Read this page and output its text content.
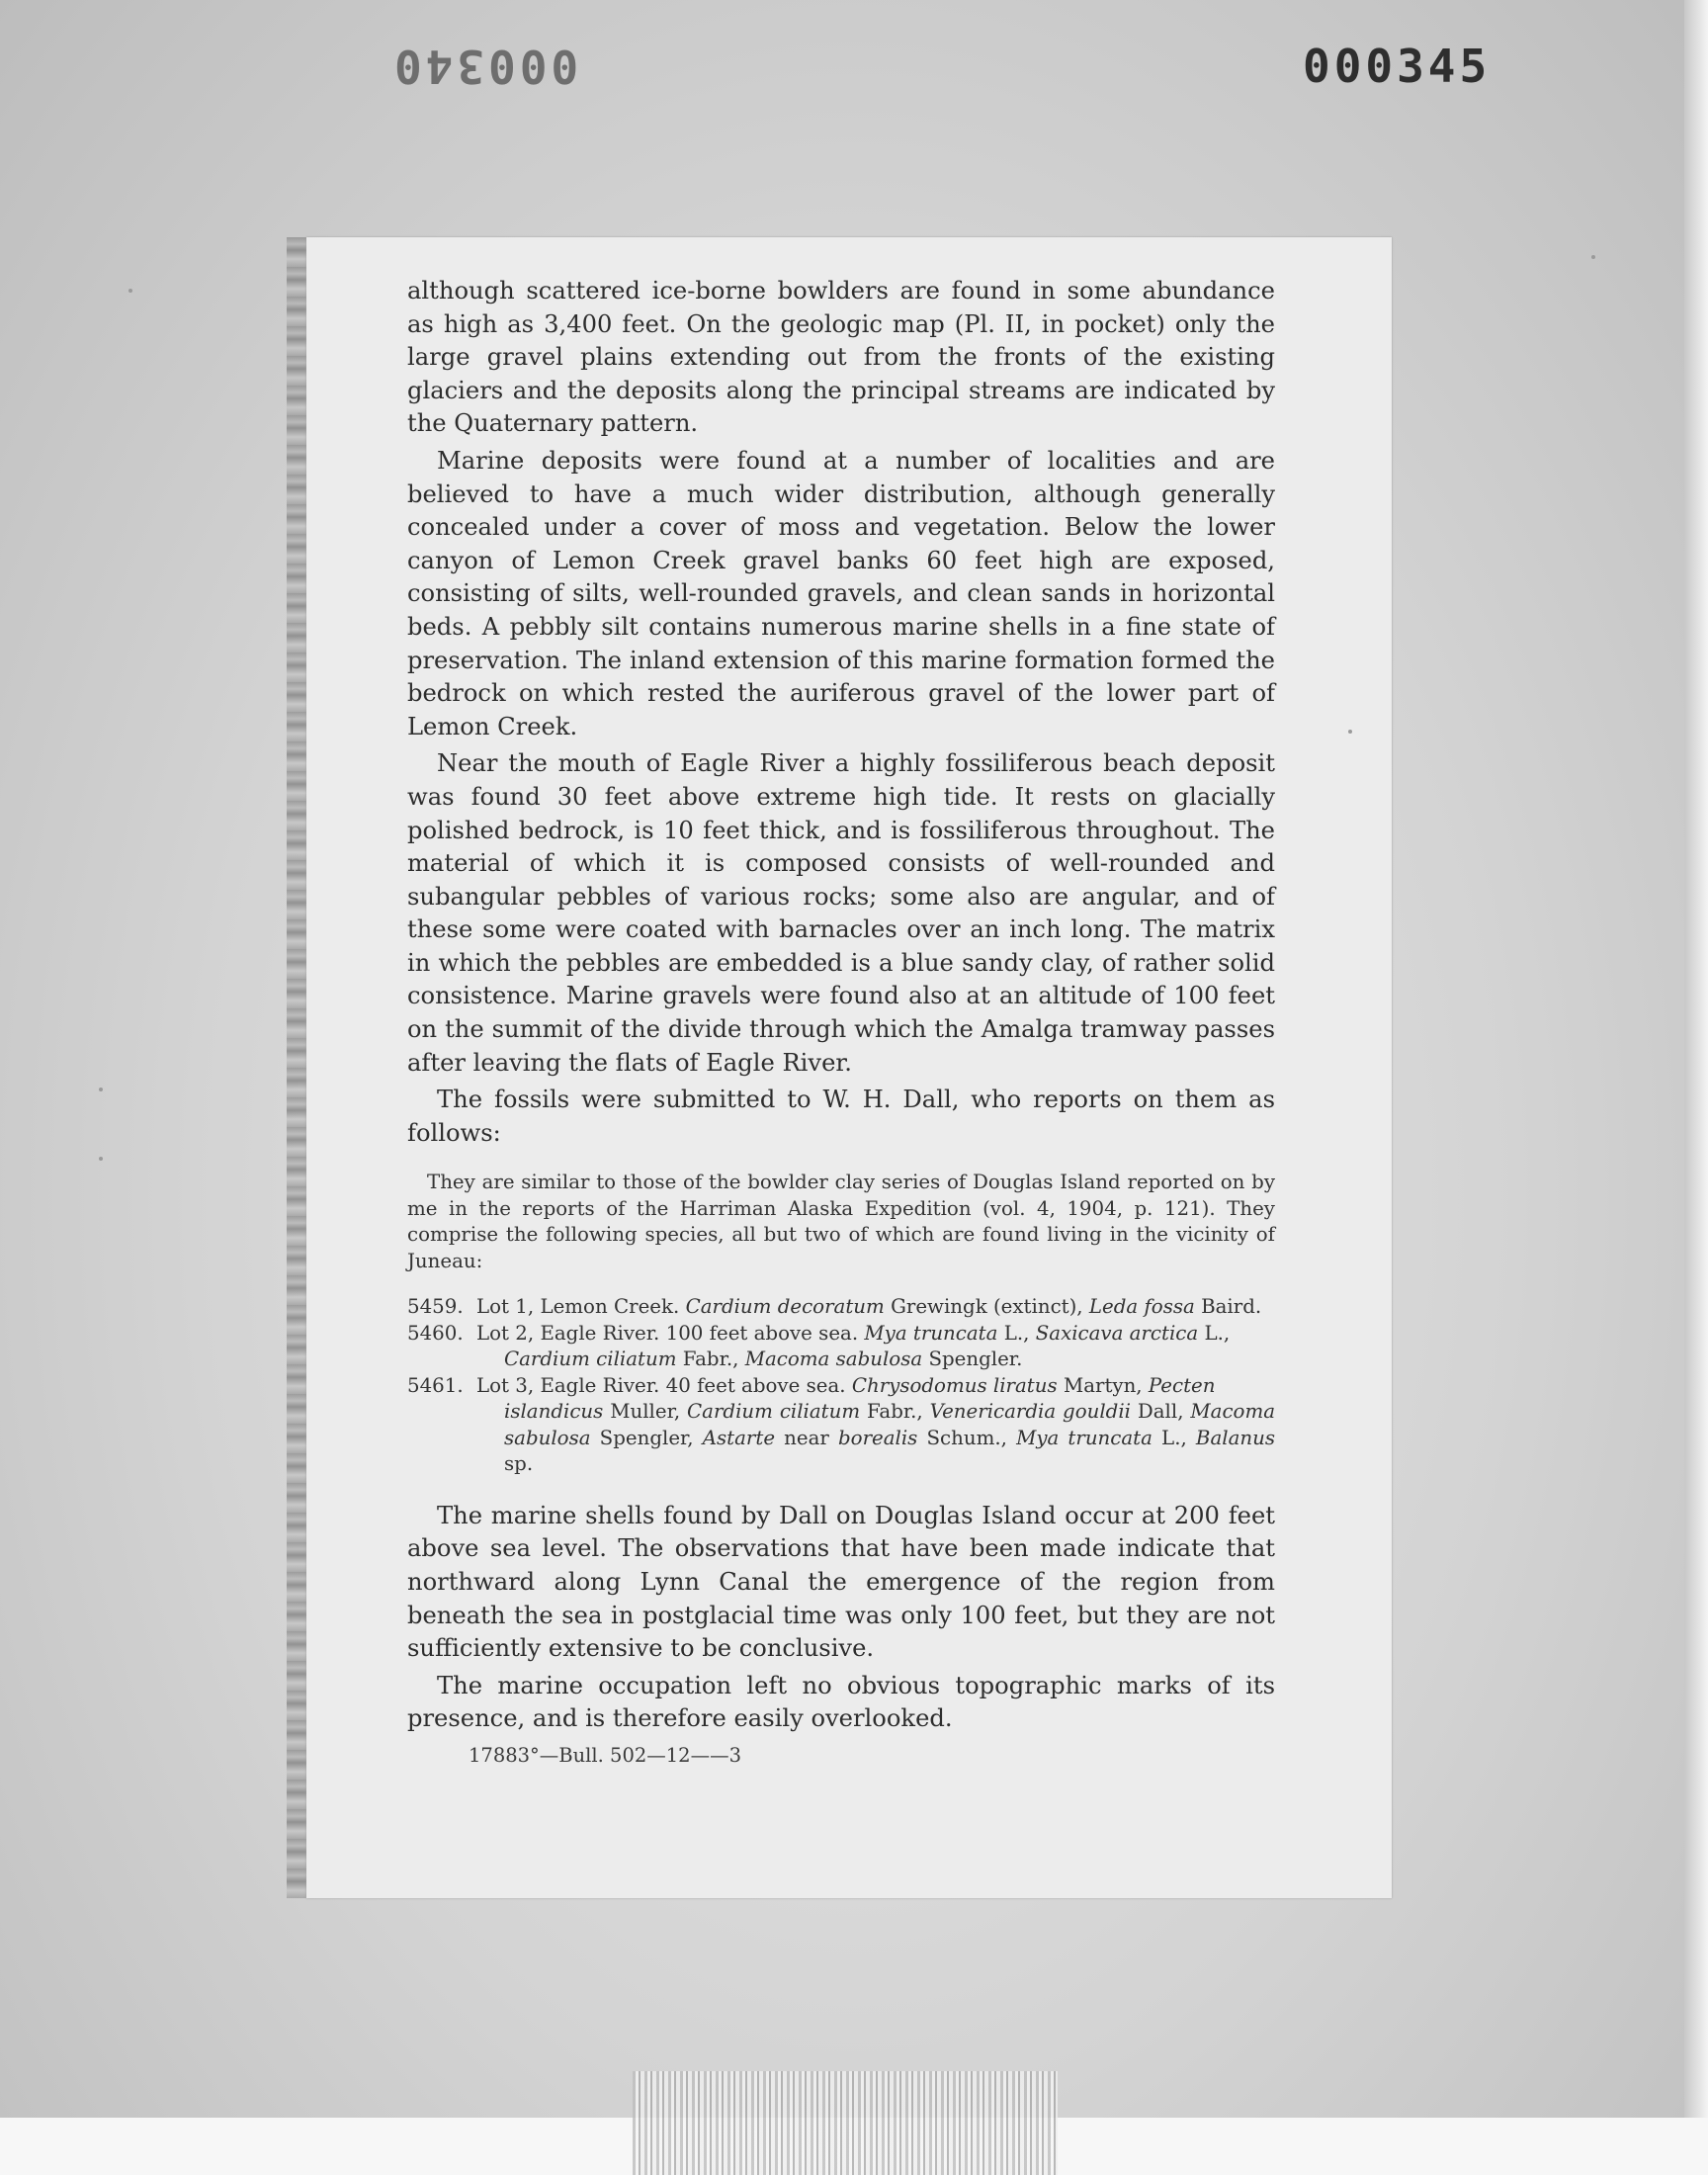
000340	000345

although scattered ice-borne bowlders are found in some abundance as high as 3,400 feet. On the geologic map (Pl. II, in pocket) only the large gravel plains extending out from the fronts of the existing glaciers and the deposits along the principal streams are indicated by the Quaternary pattern.

Marine deposits were found at a number of localities and are believed to have a much wider distribution, although generally concealed under a cover of moss and vegetation. Below the lower canyon of Lemon Creek gravel banks 60 feet high are exposed, consisting of silts, well-rounded gravels, and clean sands in horizontal beds. A pebbly silt contains numerous marine shells in a fine state of preservation. The inland extension of this marine formation formed the bedrock on which rested the auriferous gravel of the lower part of Lemon Creek.

Near the mouth of Eagle River a highly fossiliferous beach deposit was found 30 feet above extreme high tide. It rests on glacially polished bedrock, is 10 feet thick, and is fossiliferous throughout. The material of which it is composed consists of well-rounded and subangular pebbles of various rocks; some also are angular, and of these some were coated with barnacles over an inch long. The matrix in which the pebbles are embedded is a blue sandy clay, of rather solid consistence. Marine gravels were found also at an altitude of 100 feet on the summit of the divide through which the Amalga tramway passes after leaving the flats of Eagle River.

The fossils were submitted to W. H. Dall, who reports on them as follows:

They are similar to those of the bowlder clay series of Douglas Island reported on by me in the reports of the Harriman Alaska Expedition (vol. 4, 1904, p. 121). They comprise the following species, all but two of which are found living in the vicinity of Juneau:

5459. Lot 1, Lemon Creek. Cardium decoratum Grewingk (extinct), Leda fossa Baird.
5460. Lot 2, Eagle River. 100 feet above sea. Mya truncata L., Saxicava arctica L.,
Cardium ciliatum Fabr., Macoma sabulosa Spengler.
5461. Lot 3, Eagle River. 40 feet above sea. Chrysodomus liratus Martyn, Pecten
islandicus Muller, Cardium ciliatum Fabr., Venericardia gouldii Dall, Macoma sabulosa Spengler, Astarte near borealis Schum., Mya truncata L., Balanus sp.

The marine shells found by Dall on Douglas Island occur at 200 feet above sea level. The observations that have been made indicate that northward along Lynn Canal the emergence of the region from beneath the sea in postglacial time was only 100 feet, but they are not sufficiently extensive to be conclusive.

The marine occupation left no obvious topographic marks of its presence, and is therefore easily overlooked.

17883°—Bull. 502—12——3
